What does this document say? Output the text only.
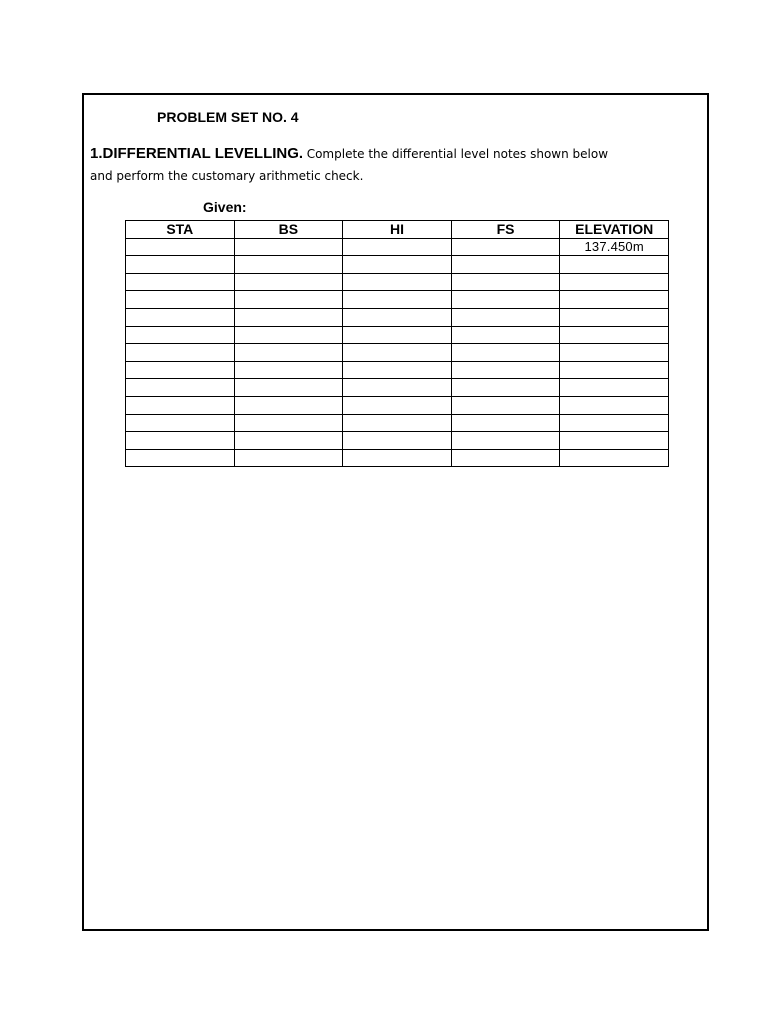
PROBLEM SET NO. 4
1.DIFFERENTIAL LEVELLING. Complete the differential level notes shown below
and perform the customary arithmetic check.
Given:
STA	BS	HI	FS	ELEVATION
				137.450m
